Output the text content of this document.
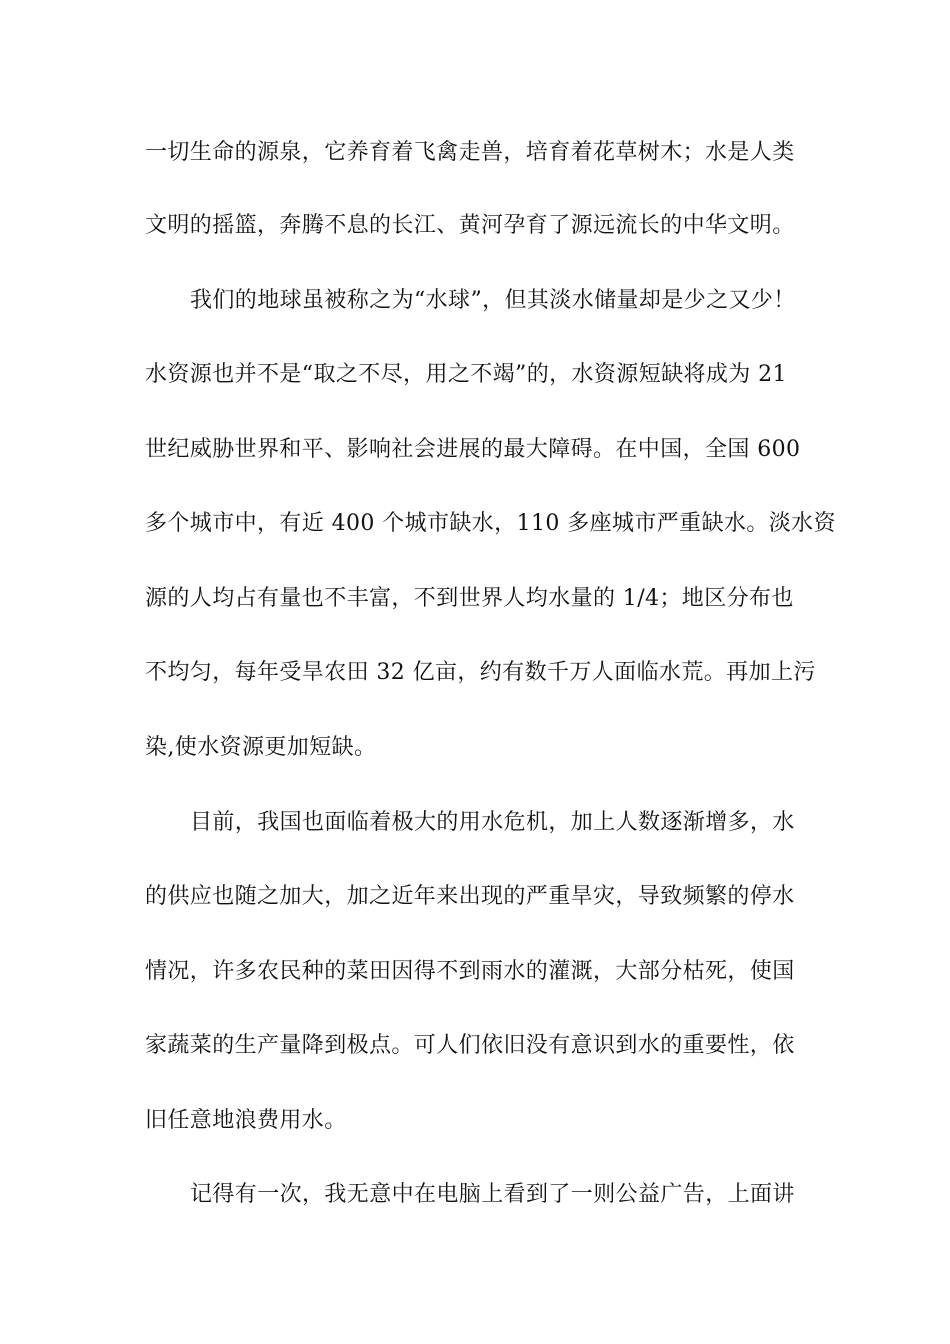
一切生命的源泉，它养育着飞禽走兽，培育着花草树木；水是人类
文明的摇篮，奔腾不息的长江、黄河孕育了源远流长的中华文明。
我们的地球虽被称之为“水球”，但其淡水储量却是少之又少！
水资源也并不是“取之不尽，用之不竭”的，水资源短缺将成为 21
世纪威胁世界和平、影响社会进展的最大障碍。在中国，全国 600
多个城市中，有近 400 个城市缺水，110 多座城市严重缺水。淡水资
源的人均占有量也不丰富，不到世界人均水量的 1/4；地区分布也
不均匀，每年受旱农田 32 亿亩，约有数千万人面临水荒。再加上污
染,使水资源更加短缺。
目前，我国也面临着极大的用水危机，加上人数逐渐增多，水
的供应也随之加大，加之近年来出现的严重旱灾，导致频繁的停水
情况，许多农民种的菜田因得不到雨水的灌溉，大部分枯死，使国
家蔬菜的生产量降到极点。可人们依旧没有意识到水的重要性，依
旧任意地浪费用水。
记得有一次，我无意中在电脑上看到了一则公益广告，上面讲
